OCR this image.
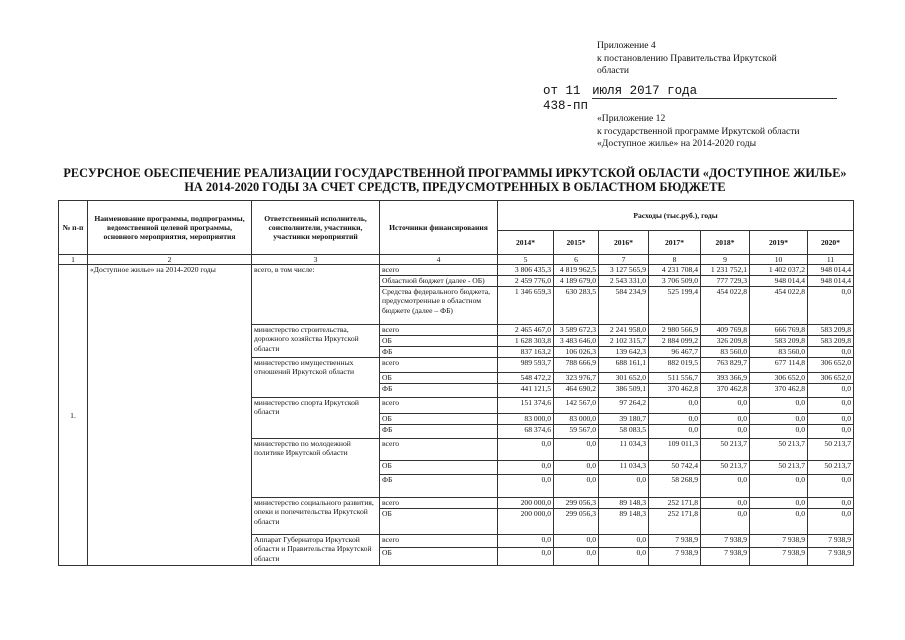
Приложение 4
к постановлению Правительства Иркутской
области
от 11 июля 2017 года
438-пп
«Приложение 12
к государственной программе Иркутской области
«Доступное жилье» на 2014-2020 годы
РЕСУРСНОЕ ОБЕСПЕЧЕНИЕ РЕАЛИЗАЦИИ ГОСУДАРСТВЕННОЙ ПРОГРАММЫ ИРКУТСКОЙ ОБЛАСТИ «ДОСТУПНОЕ ЖИЛЬЕ»
НА 2014-2020 ГОДЫ ЗА СЧЕТ СРЕДСТВ, ПРЕДУСМОТРЕННЫХ В ОБЛАСТНОМ БЮДЖЕТЕ
№ п-п	Наименование программы, подпрограммы, ведомственной целевой программы, основного мероприятия, мероприятия	Ответственный исполнитель, соисполнители, участники, участники мероприятий	Источники финансирования	Расходы (тыс.руб.), годы						
				2014*	2015*	2016*	2017*	2018*	2019*	2020*
1	2	3	4	5	6	7	8	9	10	11
1.	«Доступное жилье» на 2014-2020 годы	всего, в том числе:	всего	3 806 435,3	4 819 962,5	3 127 565,9	4 231 708,4	1 231 752,1	1 402 037,2	948 014,4
			Областной бюджет (далее - ОБ)	2 459 776,0	4 189 679,0	2 543 331,0	3 706 509,0	777 729,3	948 014,4	948 014,4
			Средства федерального бюджета, предусмотренные в областном бюджете (далее – ФБ)	1 346 659,3	630 283,5	584 234,9	525 199,4	454 022,8	454 022,8	0,0
		министерство строительства, дорожного хозяйства Иркутской области	всего	2 465 467,0	3 589 672,3	2 241 958,0	2 980 566,9	409 769,8	666 769,8	583 209,8
			ОБ	1 628 303,8	3 483 646,0	2 102 315,7	2 884 099,2	326 209,8	583 209,8	583 209,8
			ФБ	837 163,2	106 026,3	139 642,3	96 467,7	83 560,0	83 560,0	0,0
		министерство имущественных отношений Иркутской области	всего	989 593,7	788 666,9	688 161,1	882 019,5	763 829,7	677 114,8	306 652,0
			ОБ	548 472,2	323 976,7	301 652,0	511 556,7	393 366,9	306 652,0	306 652,0
			ФБ	441 121,5	464 690,2	386 509,1	370 462,8	370 462,8	370 462,8	0,0
		министерство спорта Иркутской области	всего	151 374,6	142 567,0	97 264,2	0,0	0,0	0,0	0,0
			ОБ	83 000,0	83 000,0	39 180,7	0,0	0,0	0,0	0,0
			ФБ	68 374,6	59 567,0	58 083,5	0,0	0,0	0,0	0,0
		министерство по молодежной политике Иркутской области	всего	0,0	0,0	11 034,3	109 011,3	50 213,7	50 213,7	50 213,7
			ОБ	0,0	0,0	11 034,3	50 742,4	50 213,7	50 213,7	50 213,7
			ФБ	0,0	0,0	0,0	58 268,9	0,0	0,0	0,0
		министерство социального развития, опеки и попечительства Иркутской области	всего	200 000,0	299 056,3	89 148,3	252 171,8	0,0	0,0	0,0
			ОБ	200 000,0	299 056,3	89 148,3	252 171,8	0,0	0,0	0,0
		Аппарат Губернатора Иркутской области и Правительства Иркутской области	всего	0,0	0,0	0,0	7 938,9	7 938,9	7 938,9	7 938,9
			ОБ	0,0	0,0	0,0	7 938,9	7 938,9	7 938,9	7 938,9
